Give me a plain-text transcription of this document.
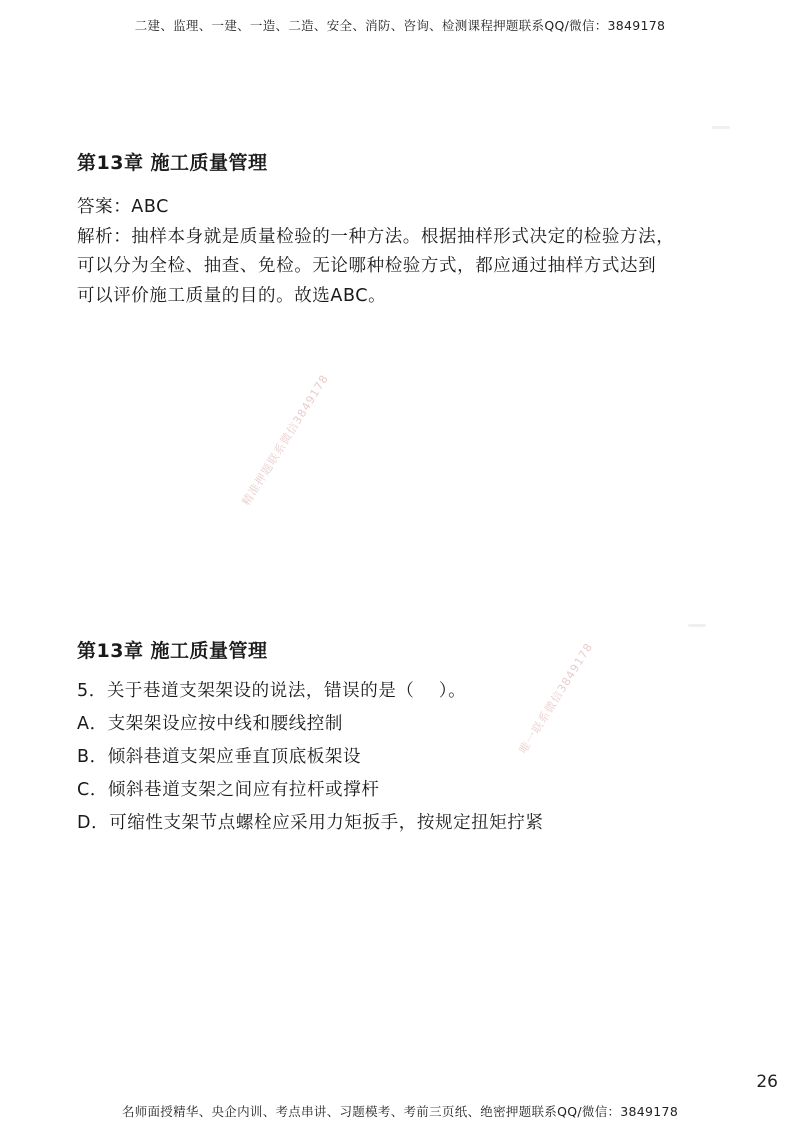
二建、监理、一建、一造、二造、安全、消防、咨询、检测课程押题联系QQ/微信：3849178
第13章 施工质量管理

答案：ABC

解析：抽样本身就是质量检验的一种方法。根据抽样形式决定的检验方法，

可以分为全检、抽查、免检。无论哪种检验方式，都应通过抽样方式达到

可以评价施工质量的目的。故选ABC。

精准押题联系微信3849178
第13章 施工质量管理

5．关于巷道支架架设的说法，错误的是（　 ）。

A．支架架设应按中线和腰线控制

B．倾斜巷道支架应垂直顶底板架设

C．倾斜巷道支架之间应有拉杆或撑杆

D．可缩性支架节点螺栓应采用力矩扳手，按规定扭矩拧紧

唯一联系微信3849178
26
名师面授精华、央企内训、考点串讲、习题模考、考前三页纸、绝密押题联系QQ/微信：3849178
